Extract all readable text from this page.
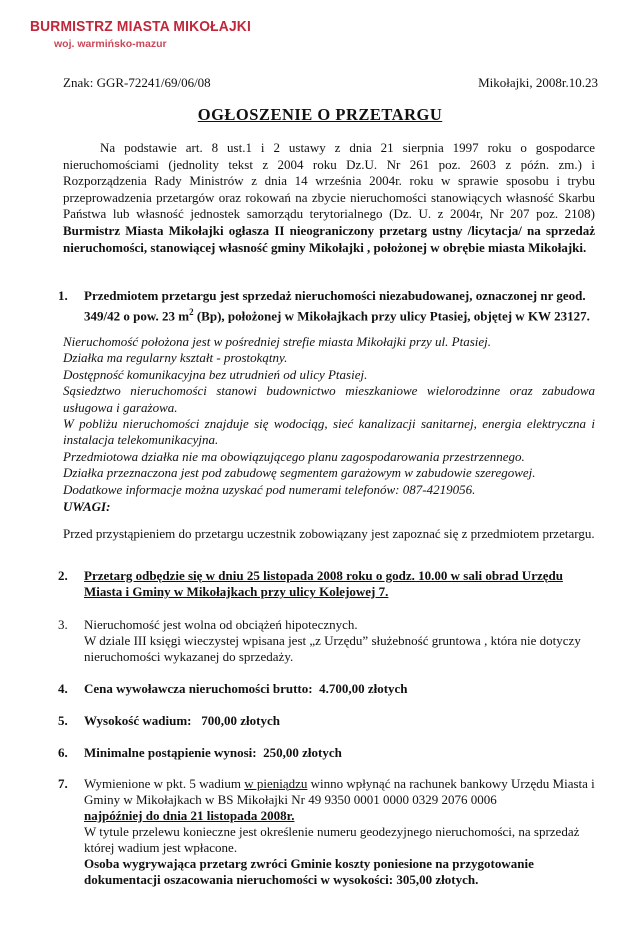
BURMISTRZ MIASTA MIKOŁAJKI
woj. warmińsko-mazur
Znak: GGR-72241/69/06/08	Mikołajki, 2008r.10.23
OGŁOSZENIE O PRZETARGU
Na podstawie art. 8 ust.1 i 2 ustawy z dnia 21 sierpnia 1997 roku o gospodarce nieruchomościami (jednolity tekst z 2004 roku Dz.U. Nr 261 poz. 2603 z późn. zm.) i Rozporządzenia Rady Ministrów z dnia 14 września 2004r. roku w sprawie sposobu i trybu przeprowadzenia przetargów oraz rokowań na zbycie nieruchomości stanowiących własność Skarbu Państwa lub własność jednostek samorządu terytorialnego (Dz. U. z 2004r, Nr 207 poz. 2108) Burmistrz Miasta Mikołajki ogłasza II nieograniczony przetarg ustny /licytacja/ na sprzedaż nieruchomości, stanowiącej własność gminy Mikołajki , położonej w obrębie miasta Mikołajki.
1. Przedmiotem przetargu jest sprzedaż nieruchomości niezabudowanej, oznaczonej nr geod. 349/42 o pow. 23 $m^2$ (Bp), położonej w Mikołajkach przy ulicy Ptasiej, objętej w KW 23127.
Nieruchomość położona jest w pośredniej strefie miasta Mikołajki przy ul. Ptasiej.
Działka ma regularny kształt - prostokątny.
Dostępność komunikacyjna bez utrudnień od ulicy Ptasiej.
Sąsiedztwo nieruchomości stanowi budownictwo mieszkaniowe wielorodzinne oraz zabudowa usługowa i garażowa.
W pobliżu nieruchomości znajduje się wodociąg, sieć kanalizacji sanitarnej, energia elektryczna i instalacja telekomunikacyjna.
Przedmiotowa działka nie ma obowiązującego planu zagospodarowania przestrzennego.
Działka przeznaczona jest pod zabudowę segmentem garażowym w zabudowie szeregowej.
Dodatkowe informacje można uzyskać pod numerami telefonów: 087-4219056.
UWAGI:
Przed przystąpieniem do przetargu uczestnik zobowiązany jest zapoznać się z przedmiotem przetargu.
2. Przetarg odbędzie się w dniu 25 listopada 2008 roku o godz. 10.00 w sali obrad Urzędu Miasta i Gminy w Mikołajkach przy ulicy Kolejowej 7.
3. Nieruchomość jest wolna od obciążeń hipotecznych.
W dziale III księgi wieczystej wpisana jest „z Urzędu” służebność gruntowa , która nie dotyczy nieruchomości wykazanej do sprzedaży.
4. Cena wywoławcza nieruchomości brutto: 4.700,00 złotych
5. Wysokość wadium: 700,00 złotych
6. Minimalne postąpienie wynosi: 250,00 złotych
7. Wymienione w pkt. 5 wadium w pieniądzu winno wpłynąć na rachunek bankowy Urzędu Miasta i Gminy w Mikołajkach w BS Mikołajki Nr 49 9350 0001 0000 0329 2076 0006
najpóźniej do dnia 21 listopada 2008r.
W tytule przelewu konieczne jest określenie numeru geodezyjnego nieruchomości, na sprzedaż której wadium jest wpłacone.
Osoba wygrywająca przetarg zwróci Gminie koszty poniesione na przygotowanie dokumentacji oszacowania nieruchomości w wysokości: 305,00 złotych.
